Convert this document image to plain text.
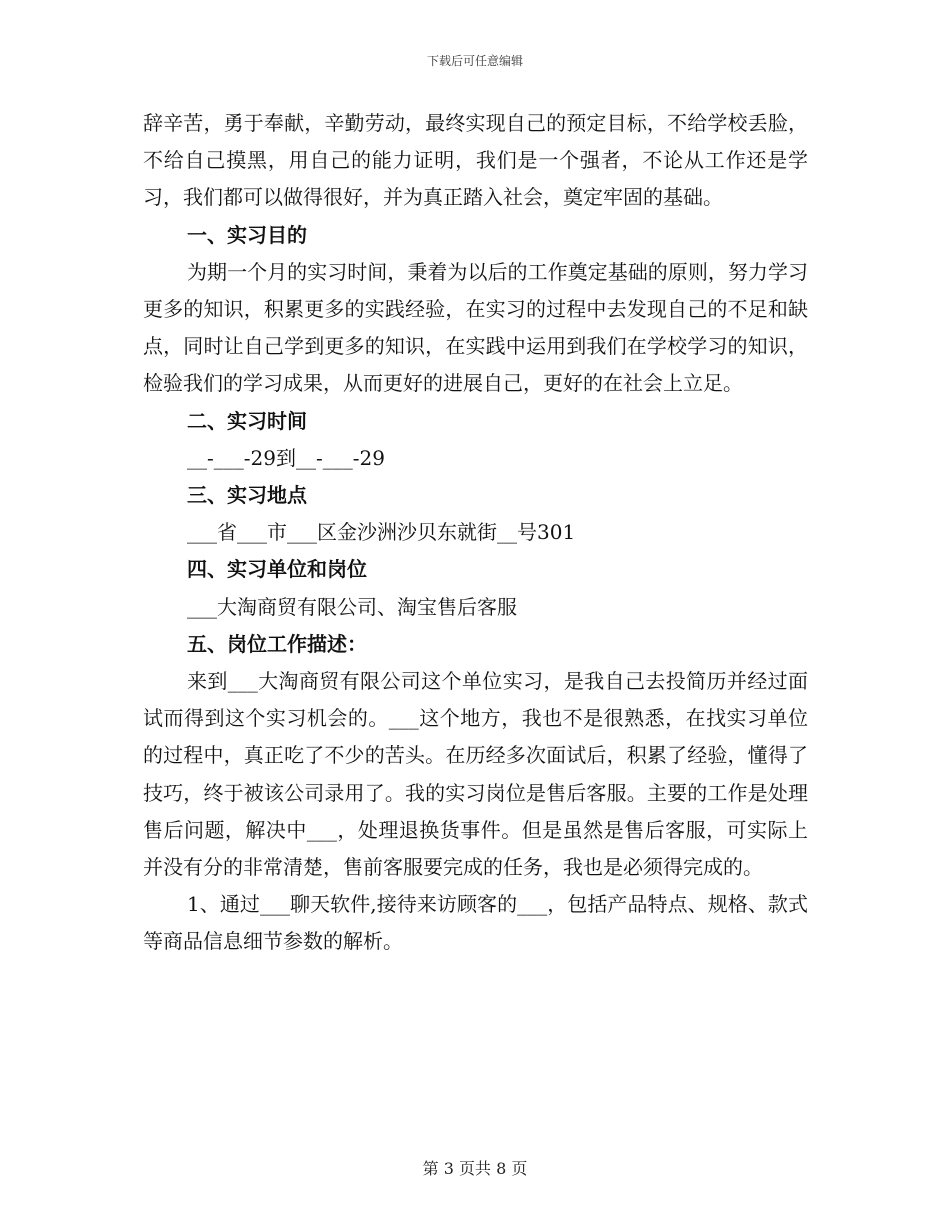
下载后可任意编辑

辞辛苦，勇于奉献，辛勤劳动，最终实现自己的预定目标，不给学校丢脸，不给自己摸黑，用自己的能力证明，我们是一个强者，不论从工作还是学习，我们都可以做得很好，并为真正踏入社会，奠定牢固的基础。

一、实习目的

为期一个月的实习时间，秉着为以后的工作奠定基础的原则，努力学习更多的知识，积累更多的实践经验，在实习的过程中去发现自己的不足和缺点，同时让自己学到更多的知识，在实践中运用到我们在学校学习的知识，检验我们的学习成果，从而更好的进展自己，更好的在社会上立足。

二、实习时间

__-___-29到__-___-29

三、实习地点

___省___市___区金沙洲沙贝东就街__号301

四、实习单位和岗位

___大淘商贸有限公司、淘宝售后客服

五、岗位工作描述：

来到___大淘商贸有限公司这个单位实习，是我自己去投简历并经过面试而得到这个实习机会的。___这个地方，我也不是很熟悉，在找实习单位的过程中，真正吃了不少的苦头。在历经多次面试后，积累了经验，懂得了技巧，终于被该公司录用了。我的实习岗位是售后客服。主要的工作是处理售后问题，解决中___，处理退换货事件。但是虽然是售后客服，可实际上并没有分的非常清楚，售前客服要完成的任务，我也是必须得完成的。

1、通过___聊天软件,接待来访顾客的___，包括产品特点、规格、款式等商品信息细节参数的解析。

第 3 页共 8 页
